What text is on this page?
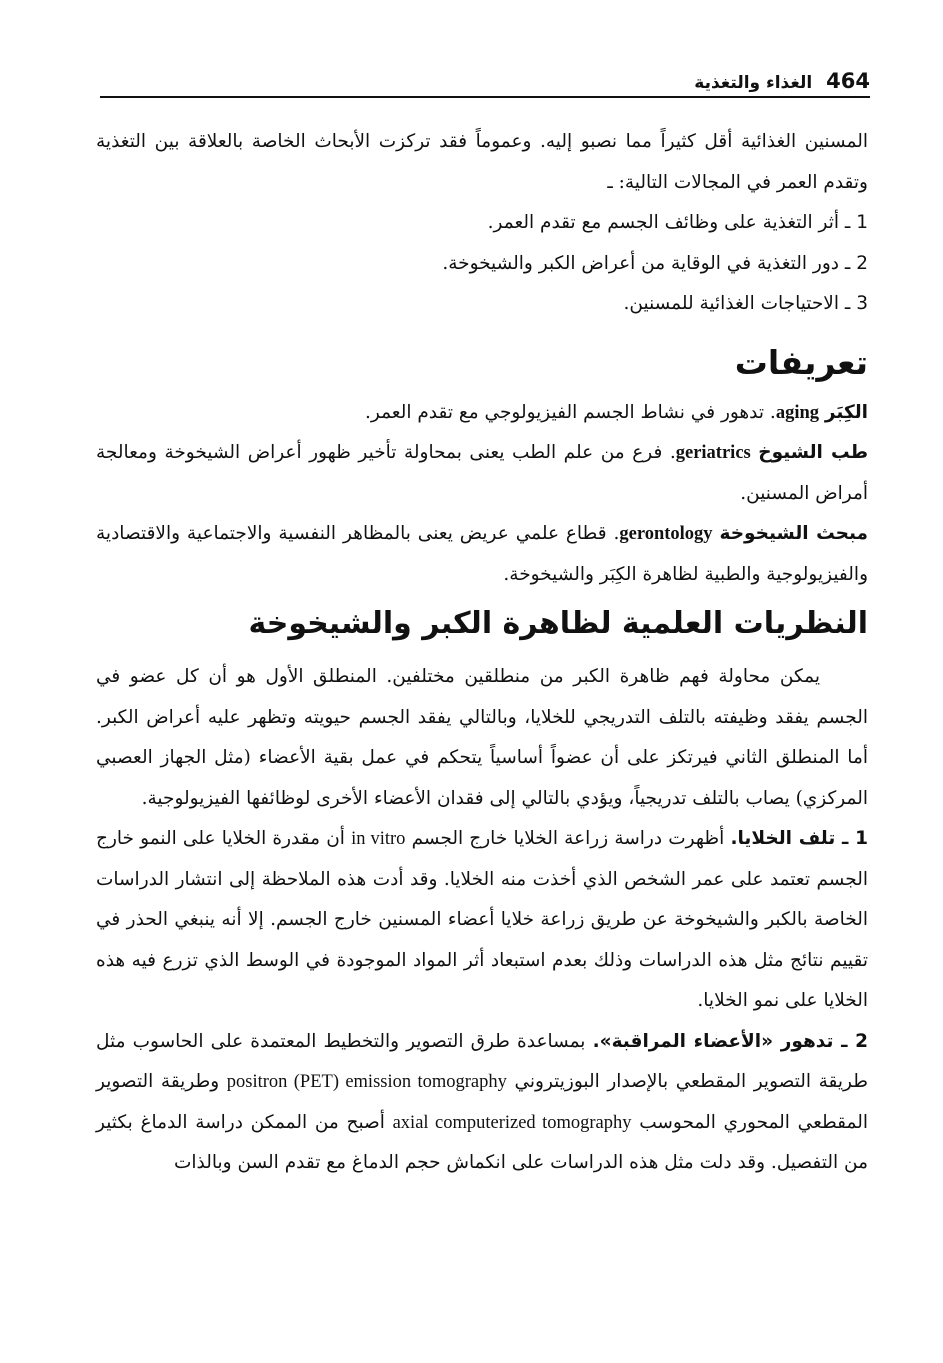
464
الغذاء والتغذية

المسنين الغذائية أقل كثيراً مما نصبو إليه. وعموماً فقد تركزت الأبحاث الخاصة بالعلاقة بين التغذية وتقدم العمر في المجالات التالية: ـ

1 ـ أثر التغذية على وظائف الجسم مع تقدم العمر.

2 ـ دور التغذية في الوقاية من أعراض الكبر والشيخوخة.

3 ـ الاحتياجات الغذائية للمسنين.

تعريفات

الكِبَر aging. تدهور في نشاط الجسم الفيزيولوجي مع تقدم العمر.

طب الشيوخ geriatrics. فرع من علم الطب يعنى بمحاولة تأخير ظهور أعراض الشيخوخة ومعالجة أمراض المسنين.

مبحث الشيخوخة gerontology. قطاع علمي عريض يعنى بالمظاهر النفسية والاجتماعية والاقتصادية والفيزيولوجية والطبية لظاهرة الكِبَر والشيخوخة.

النظريات العلمية لظاهرة الكبر والشيخوخة

يمكن محاولة فهم ظاهرة الكبر من منطلقين مختلفين. المنطلق الأول هو أن كل عضو في الجسم يفقد وظيفته بالتلف التدريجي للخلايا، وبالتالي يفقد الجسم حيويته وتظهر عليه أعراض الكبر. أما المنطلق الثاني فيرتكز على أن عضواً أساسياً يتحكم في عمل بقية الأعضاء (مثل الجهاز العصبي المركزي) يصاب بالتلف تدريجياً، ويؤدي بالتالي إلى فقدان الأعضاء الأخرى لوظائفها الفيزيولوجية.

1 ـ تلف الخلايا. أظهرت دراسة زراعة الخلايا خارج الجسم in vitro أن مقدرة الخلايا على النمو خارج الجسم تعتمد على عمر الشخص الذي أخذت منه الخلايا. وقد أدت هذه الملاحظة إلى انتشار الدراسات الخاصة بالكبر والشيخوخة عن طريق زراعة خلايا أعضاء المسنين خارج الجسم. إلا أنه ينبغي الحذر في تقييم نتائج مثل هذه الدراسات وذلك بعدم استبعاد أثر المواد الموجودة في الوسط الذي تزرع فيه هذه الخلايا على نمو الخلايا.

2 ـ تدهور «الأعضاء المراقبة». بمساعدة طرق التصوير والتخطيط المعتمدة على الحاسوب مثل طريقة التصوير المقطعي بالإصدار البوزيتروني positron (PET) emission tomography وطريقة التصوير المقطعي المحوري المحوسب axial computerized tomography أصبح من الممكن دراسة الدماغ بكثير من التفصيل. وقد دلت مثل هذه الدراسات على انكماش حجم الدماغ مع تقدم السن وبالذات
